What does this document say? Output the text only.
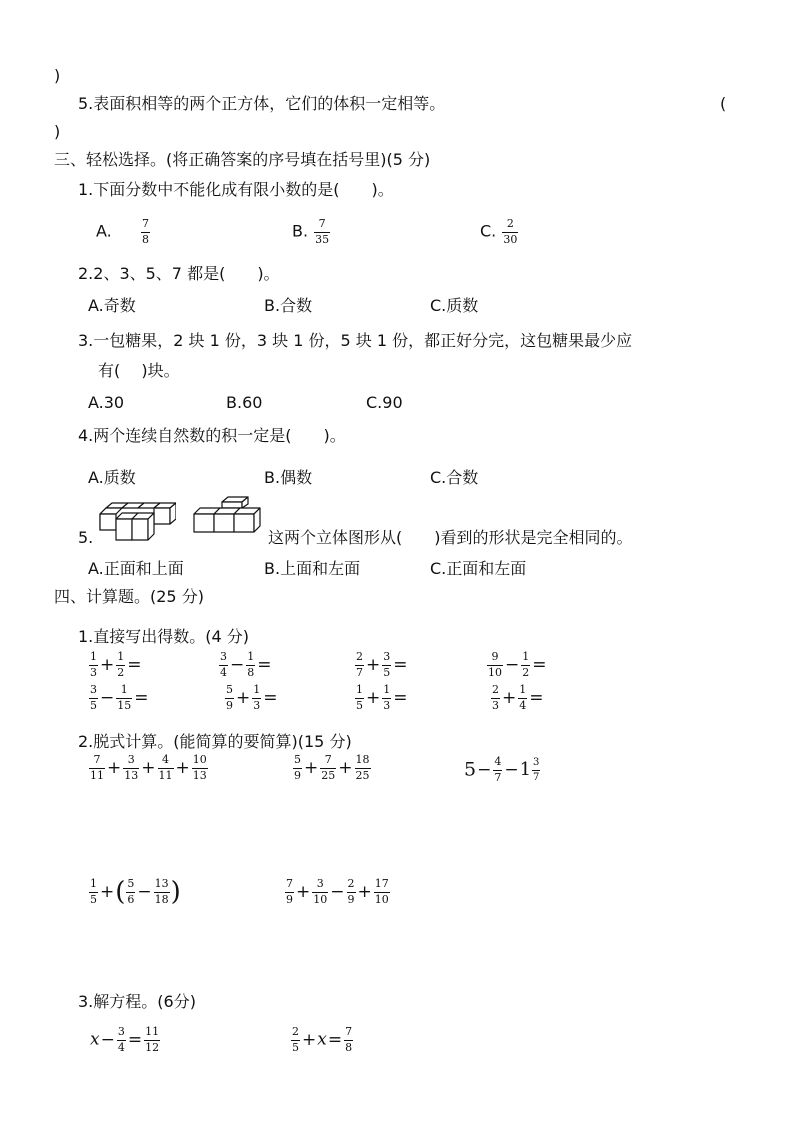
)
5.表面积相等的两个正方体，它们的体积一定相等。	(
)
三、轻松选择。(将正确答案的序号填在括号里)(5 分)
1.下面分数中不能化成有限小数的是(　　)。
A.	$\frac{7}{8}$	B. $\frac{7}{35}$	C. $\frac{2}{30}$
2.2、3、5、7 都是(　　)。
A.奇数	B.合数	C.质数
3.一包糖果，2 块 1 份，3 块 1 份，5 块 1 份，都正好分完，这包糖果最少应
有(　 )块。
A.30	B.60	C.90
4.两个连续自然数的积一定是(　　)。
A.质数	B.偶数	C.合数
5.	这两个立体图形从(　　)看到的形状是完全相同的。
A.正面和上面	B.上面和左面	C.正面和左面
四、计算题。(25 分)
1.直接写出得数。(4 分)
$\frac{1}{3} + \frac{1}{2}$ =	$\frac{3}{4} - \frac{1}{8}$ =	$\frac{2}{7} + \frac{3}{5}$ =	$\frac{9}{10} - \frac{1}{2}$ =
$\frac{3}{5} - \frac{1}{15}$ =	$\frac{5}{9} + \frac{1}{3}$ =	$\frac{1}{5} + \frac{1}{3}$ =	$\frac{2}{3} + \frac{1}{4}$ =
2.脱式计算。(能简算的要简算)(15 分)
$\frac{7}{11} + \frac{3}{13} + \frac{4}{11} + \frac{10}{13}$	$\frac{5}{9} + \frac{7}{25} + \frac{18}{25}$	$5- \frac{4}{7} -1 \frac{3}{7}$
$\frac{1}{5}$ +( $\frac{5}{6} - \frac{13}{18}$ )	$\frac{7}{9} + \frac{3}{10} - \frac{2}{9} + \frac{17}{10}$
3.解方程。(6分)
$x- \frac{3}{4} = \frac{11}{12}$	$\frac{2}{5} +x= \frac{7}{8}$
